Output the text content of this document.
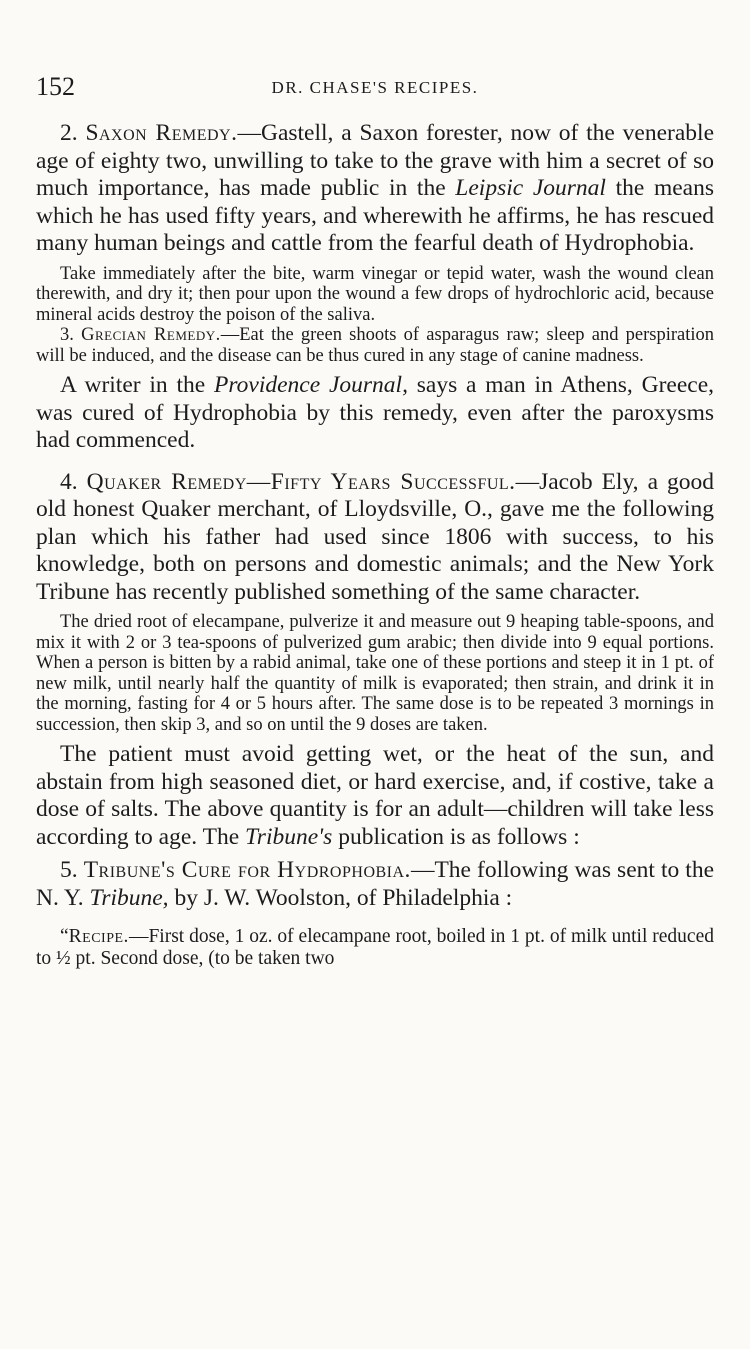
152	DR. CHASE'S RECIPES.

2. Saxon Remedy.—Gastell, a Saxon forester, now of the venerable age of eighty two, unwilling to take to the grave with him a secret of so much importance, has made public in the Leipsic Journal the means which he has used fifty years, and wherewith he affirms, he has rescued many human beings and cattle from the fearful death of Hydrophobia.

Take immediately after the bite, warm vinegar or tepid water, wash the wound clean therewith, and dry it; then pour upon the wound a few drops of hydrochloric acid, because mineral acids destroy the poison of the saliva.

3. Grecian Remedy.—Eat the green shoots of asparagus raw; sleep and perspiration will be induced, and the disease can be thus cured in any stage of canine madness.

A writer in the Providence Journal, says a man in Athens, Greece, was cured of Hydrophobia by this remedy, even after the paroxysms had commenced.

4. Quaker Remedy—Fifty Years Successful.—Jacob Ely, a good old honest Quaker merchant, of Lloydsville, O., gave me the following plan which his father had used since 1806 with success, to his knowledge, both on persons and domestic animals; and the New York Tribune has recently published something of the same character.

The dried root of elecampane, pulverize it and measure out 9 heaping table-spoons, and mix it with 2 or 3 tea-spoons of pulverized gum arabic; then divide into 9 equal portions. When a person is bitten by a rabid animal, take one of these portions and steep it in 1 pt. of new milk, until nearly half the quantity of milk is evaporated; then strain, and drink it in the morning, fasting for 4 or 5 hours after. The same dose is to be repeated 3 mornings in succession, then skip 3, and so on until the 9 doses are taken.

The patient must avoid getting wet, or the heat of the sun, and abstain from high seasoned diet, or hard exercise, and, if costive, take a dose of salts. The above quantity is for an adult—children will take less according to age. The Tribune's publication is as follows :

5. Tribune's Cure for Hydrophobia.—The following was sent to the N. Y. Tribune, by J. W. Woolston, of Philadelphia :

“Recipe.—First dose, 1 oz. of elecampane root, boiled in 1 pt. of milk until reduced to ½ pt. Second dose, (to be taken two
